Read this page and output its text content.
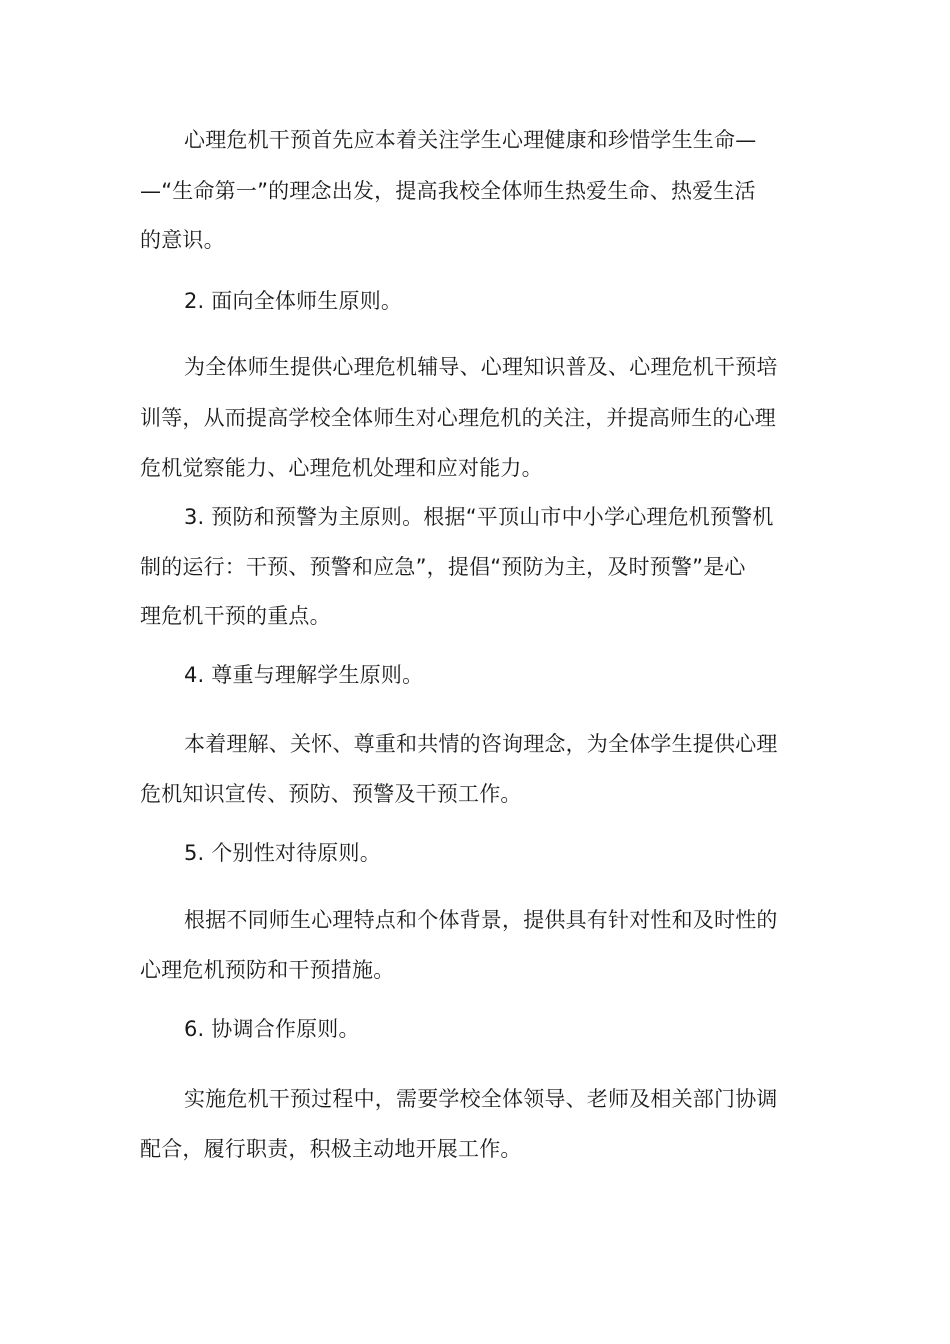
心理危机干预首先应本着关注学生心理健康和珍惜学生生命—
—“生命第一”的理念出发，提高我校全体师生热爱生命、热爱生活
的意识。
2. 面向全体师生原则。
为全体师生提供心理危机辅导、心理知识普及、心理危机干预培
训等，从而提高学校全体师生对心理危机的关注，并提高师生的心理
危机觉察能力、心理危机处理和应对能力。
3. 预防和预警为主原则。根据“平顶山市中小学心理危机预警机
制的运行：干预、预警和应急”，提倡“预防为主，及时预警”是心
理危机干预的重点。
4. 尊重与理解学生原则。
本着理解、关怀、尊重和共情的咨询理念，为全体学生提供心理
危机知识宣传、预防、预警及干预工作。
5. 个别性对待原则。
根据不同师生心理特点和个体背景，提供具有针对性和及时性的
心理危机预防和干预措施。
6. 协调合作原则。
实施危机干预过程中，需要学校全体领导、老师及相关部门协调
配合，履行职责，积极主动地开展工作。
